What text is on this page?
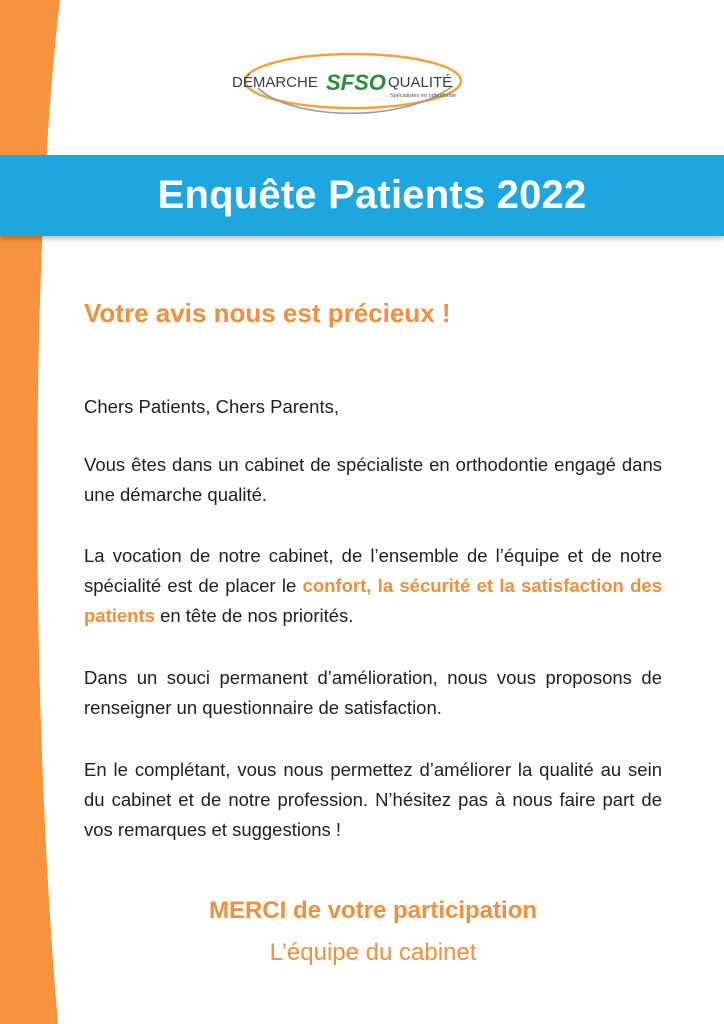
DÉMARCHE SFSO QUALITÉ
Spécialistes en orthodontie
Enquête Patients 2022
Votre avis nous est précieux !

Chers Patients, Chers Parents,

Vous êtes dans un cabinet de spécialiste en orthodontie engagé dans une démarche qualité.

La vocation de notre cabinet, de l’ensemble de l’équipe et de notre spécialité est de placer le confort, la sécurité et la satisfaction des patients en tête de nos priorités.

Dans un souci permanent d’amélioration, nous vous proposons de renseigner un questionnaire de satisfaction.

En le complétant, vous nous permettez d’améliorer la qualité au sein du cabinet et de notre profession. N’hésitez pas à nous faire part de vos remarques et suggestions !

MERCI de votre participation
L’équipe du cabinet
